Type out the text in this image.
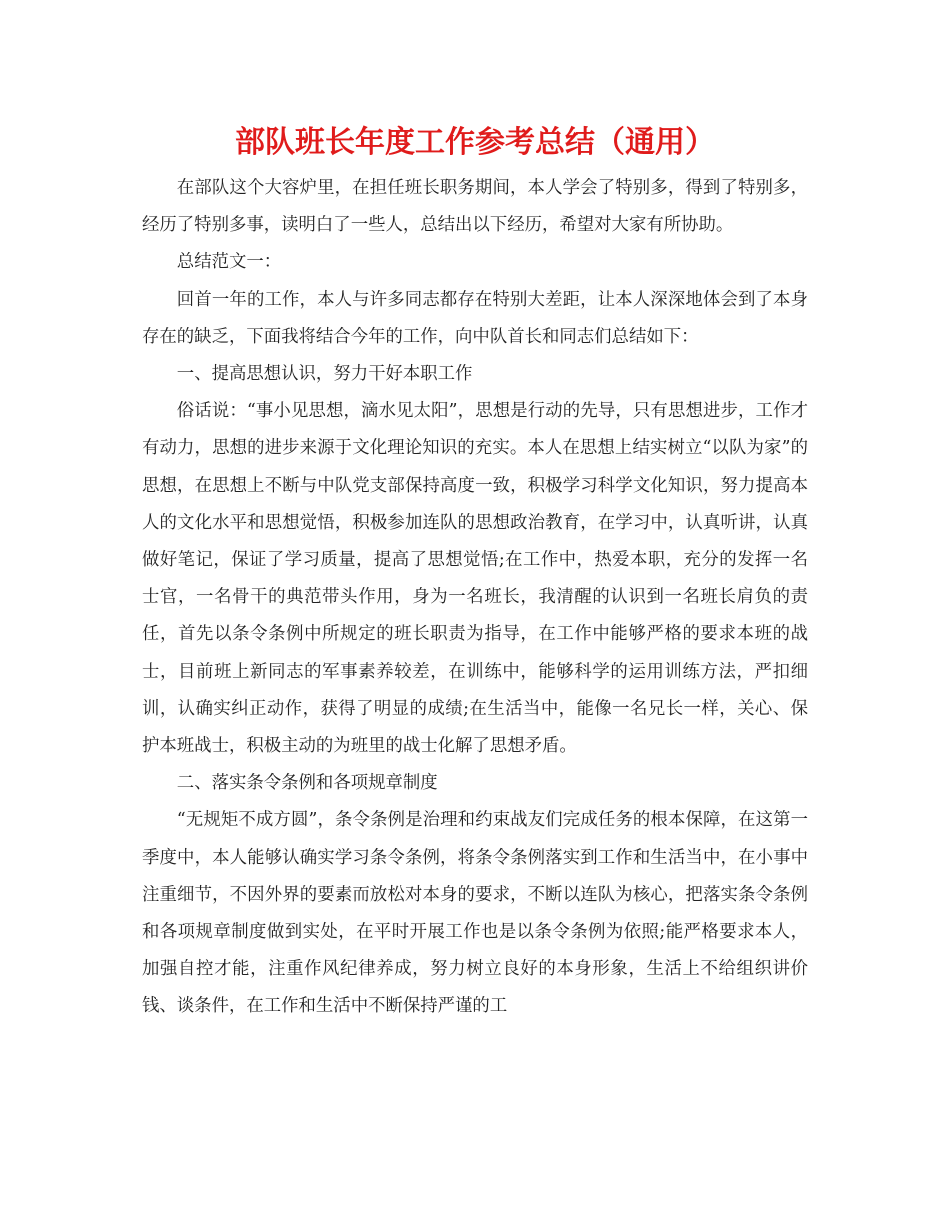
部队班长年度工作参考总结（通用）

在部队这个大容炉里，在担任班长职务期间，本人学会了特别多，得到了特别多，经历了特别多事，读明白了一些人，总结出以下经历，希望对大家有所协助。

总结范文一：

回首一年的工作，本人与许多同志都存在特别大差距，让本人深深地体会到了本身存在的缺乏，下面我将结合今年的工作，向中队首长和同志们总结如下：

一、提高思想认识，努力干好本职工作

俗话说：“事小见思想，滴水见太阳”，思想是行动的先导，只有思想进步，工作才有动力，思想的进步来源于文化理论知识的充实。本人在思想上结实树立“以队为家”的思想，在思想上不断与中队党支部保持高度一致，积极学习科学文化知识，努力提高本人的文化水平和思想觉悟，积极参加连队的思想政治教育，在学习中，认真听讲，认真做好笔记，保证了学习质量，提高了思想觉悟;在工作中，热爱本职，充分的发挥一名士官，一名骨干的典范带头作用，身为一名班长，我清醒的认识到一名班长肩负的责任，首先以条令条例中所规定的班长职责为指导，在工作中能够严格的要求本班的战士，目前班上新同志的军事素养较差，在训练中，能够科学的运用训练方法，严扣细训，认确实纠正动作，获得了明显的成绩;在生活当中，能像一名兄长一样，关心、保护本班战士，积极主动的为班里的战士化解了思想矛盾。

二、落实条令条例和各项规章制度

“无规矩不成方圆”，条令条例是治理和约束战友们完成任务的根本保障，在这第一季度中，本人能够认确实学习条令条例，将条令条例落实到工作和生活当中，在小事中注重细节，不因外界的要素而放松对本身的要求，不断以连队为核心，把落实条令条例和各项规章制度做到实处，在平时开展工作也是以条令条例为依照;能严格要求本人，加强自控才能，注重作风纪律养成，努力树立良好的本身形象，生活上不给组织讲价钱、谈条件，在工作和生活中不断保持严谨的工
